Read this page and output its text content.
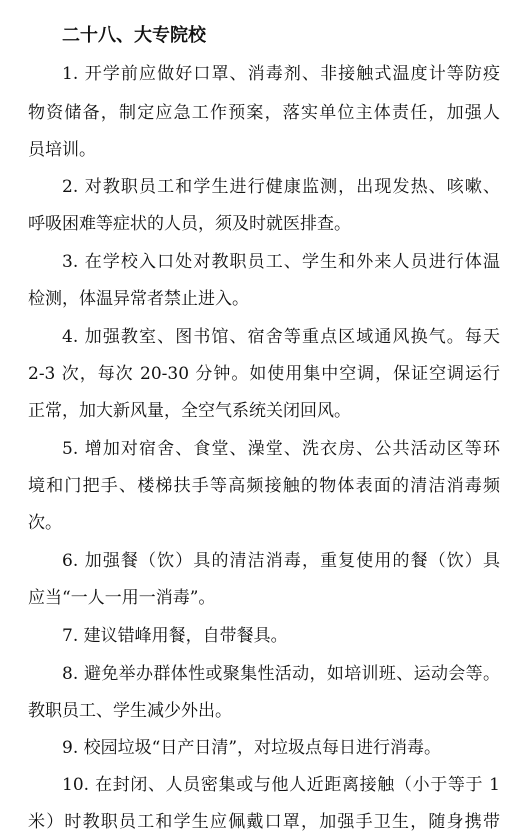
二十八、大专院校
1. 开学前应做好口罩、消毒剂、非接触式温度计等防疫
物资储备，制定应急工作预案，落实单位主体责任，加强人
员培训。
2. 对教职员工和学生进行健康监测，出现发热、咳嗽、
呼吸困难等症状的人员，须及时就医排查。
3. 在学校入口处对教职员工、学生和外来人员进行体温
检测，体温异常者禁止进入。
4. 加强教室、图书馆、宿舍等重点区域通风换气。每天
2-3 次，每次 20-30 分钟。如使用集中空调，保证空调运行
正常，加大新风量，全空气系统关闭回风。
5. 增加对宿舍、食堂、澡堂、洗衣房、公共活动区等环
境和门把手、楼梯扶手等高频接触的物体表面的清洁消毒频
次。
6. 加强餐（饮）具的清洁消毒，重复使用的餐（饮）具
应当“一人一用一消毒”。
7. 建议错峰用餐，自带餐具。
8. 避免举办群体性或聚集性活动，如培训班、运动会等。
教职员工、学生减少外出。
9. 校园垃圾“日产日清”，对垃圾点每日进行消毒。
10. 在封闭、人员密集或与他人近距离接触（小于等于 1
米）时教职员工和学生应佩戴口罩，加强手卫生，随身携带
